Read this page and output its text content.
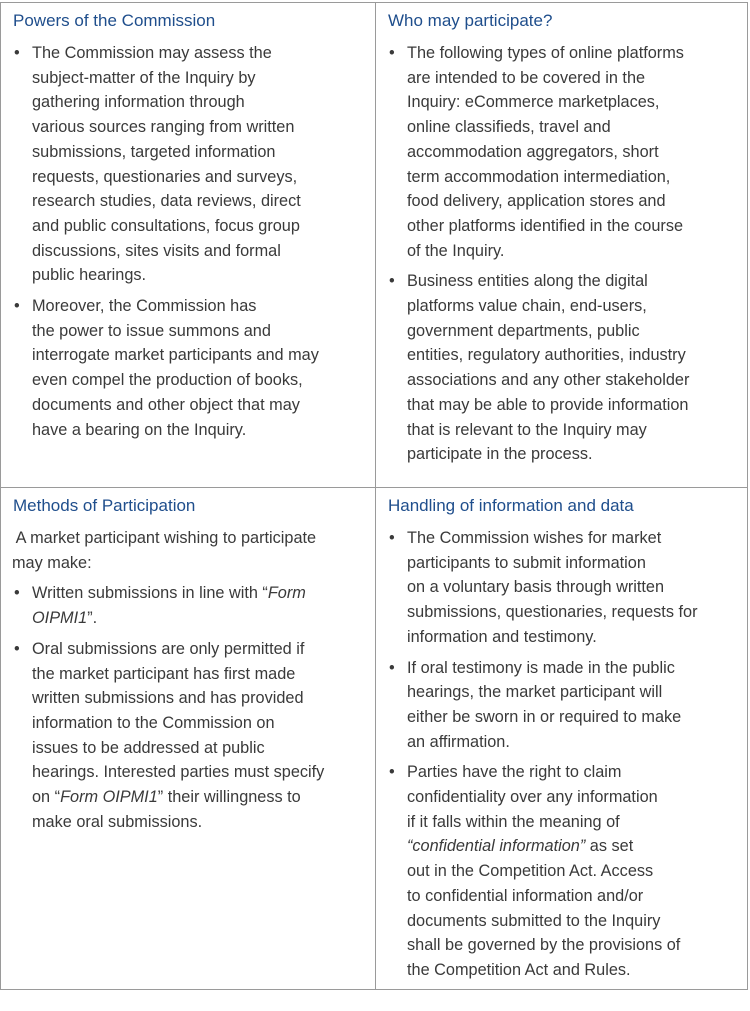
Powers of the Commission
• The Commission may assess the
subject-matter of the Inquiry by
gathering information through
various sources ranging from written
submissions, targeted information
requests, questionaries and surveys,
research studies, data reviews, direct
and public consultations, focus group
discussions, sites visits and formal
public hearings.
• Moreover, the Commission has
the power to issue summons and
interrogate market participants and may
even compel the production of books,
documents and other object that may
have a bearing on the Inquiry.
Who may participate?
• The following types of online platforms
are intended to be covered in the
Inquiry: eCommerce marketplaces,
online classifieds, travel and
accommodation aggregators, short
term accommodation intermediation,
food delivery, application stores and
other platforms identified in the course
of the Inquiry.
• Business entities along the digital
platforms value chain, end-users,
government departments, public
entities, regulatory authorities, industry
associations and any other stakeholder
that may be able to provide information
that is relevant to the Inquiry may
participate in the process.
Methods of Participation
A market participant wishing to participate
may make:
• Written submissions in line with “Form
OIPMI1”.
• Oral submissions are only permitted if
the market participant has first made
written submissions and has provided
information to the Commission on
issues to be addressed at public
hearings. Interested parties must specify
on “Form OIPMI1” their willingness to
make oral submissions.
Handling of information and data
• The Commission wishes for market
participants to submit information
on a voluntary basis through written
submissions, questionaries, requests for
information and testimony.
• If oral testimony is made in the public
hearings, the market participant will
either be sworn in or required to make
an affirmation.
• Parties have the right to claim
confidentiality over any information
if it falls within the meaning of
“confidential information” as set
out in the Competition Act. Access
to confidential information and/or
documents submitted to the Inquiry
shall be governed by the provisions of
the Competition Act and Rules.
